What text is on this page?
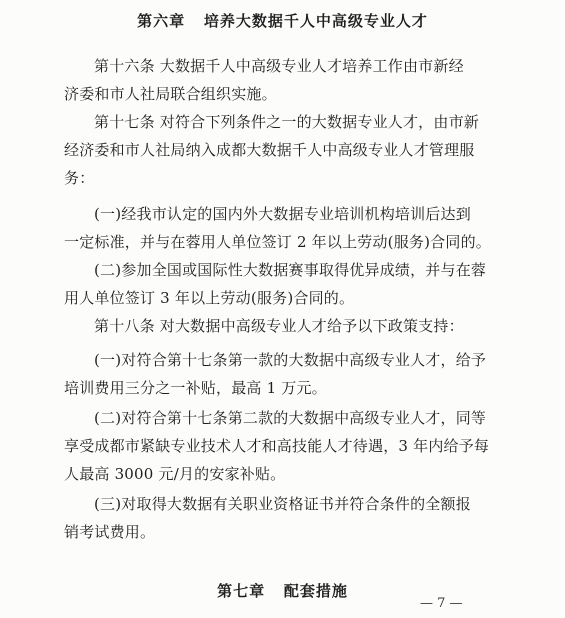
第六章   培养大数据千人中高级专业人才
第十六条 大数据千人中高级专业人才培养工作由市新经
济委和市人社局联合组织实施。
第十七条 对符合下列条件之一的大数据专业人才，由市新
经济委和市人社局纳入成都大数据千人中高级专业人才管理服
务：
(一)经我市认定的国内外大数据专业培训机构培训后达到
一定标准，并与在蓉用人单位签订 2 年以上劳动(服务)合同的。
(二)参加全国或国际性大数据赛事取得优异成绩，并与在蓉
用人单位签订 3 年以上劳动(服务)合同的。
第十八条 对大数据中高级专业人才给予以下政策支持：
(一)对符合第十七条第一款的大数据中高级专业人才，给予
培训费用三分之一补贴，最高 1 万元。
(二)对符合第十七条第二款的大数据中高级专业人才，同等
享受成都市紧缺专业技术人才和高技能人才待遇，3 年内给予每
人最高 3000 元/月的安家补贴。
(三)对取得大数据有关职业资格证书并符合条件的全额报
销考试费用。
第七章   配套措施
— 7 —
